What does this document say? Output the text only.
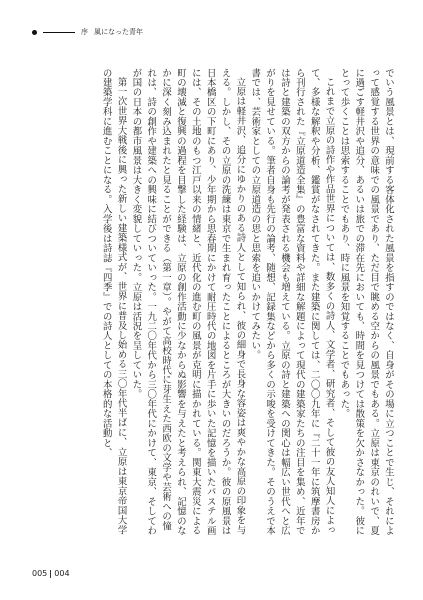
序 風になった青年

でいう風景とは、現前する客体化された風景を指すのではなく、自身がその場に立つことで生じ、それによって感覚する世界の意味での風景であり、ただ目で眺める空からの風景でもある。立原は東京のれいで、夏に過ごす軽井沢や追分、あるいは旅での滞在先においても、時間を見つけては散策を欠かさなかった。彼にとって歩くことは思索することでもあり、時に風景を知覚することでもあった。

これまで立原の詩作や作品世界については、数多くの詩人、文学者、研究者、そして彼の友人知人によって、多様な解釈や分析、鑑賞がなされてきた。また建築に関しては、二〇〇九年に『二十一年に筑摩書房から刊行された『立原道造全集』の豊富な資料や詳細な解題によって現代の建築家たちの注目を集め、近年では詩と建築の双方からの論考が発表される機会も増えている。立原の詩と建築への関心は幅広い世代へと広がりを見せている。筆者自身も先行の論考、随想、記録集などから多くの示唆を受けてきた。そのうえで本書では、芸術家としての立原道造の思と思索を追いかけてみたい。

立原は軽井沢、追分にゆかりのある詩人として知られ、彼の細身で長身な容姿は爽やかな高原の印象を与える。しかし、その立原の洗練は東京で生まれ育ったことによるところが大きいのだろうか。彼の原風景は日本橋区の下町にあり、少年期から思春期にかけて耐圧時代の地図を片手に歩いた記憶を描いたパステル画には、その土地のもつ江戸以来の情緒と、近代化の進む町の風景が克明に描かれている。関東大震災による町の壊滅と復興の過程を目撃した経験は、立原の創作活動に少なからぬ影響を与えたと考えられ、記憶のなかに深く刻み込まれたと見ることができる（第一章）。やがて高校時代に芽生えた西欧の文学や芸術への憧れは、詩の創作や建築への興味に結びついていった。一九二〇年代から三〇年代にかけて、東京、そしてわが国の日本の都市風景は大きく変貌していった。立原は活況を呈していた。

第一次世界大戦後に興った新しい建築様式が、世界に普及し始める三〇年代半ばに、立原は東京帝国大学の建築学科に進むことになる。入学後は詩誌『四季』での詩人としての本格的な活動と、

005 004
